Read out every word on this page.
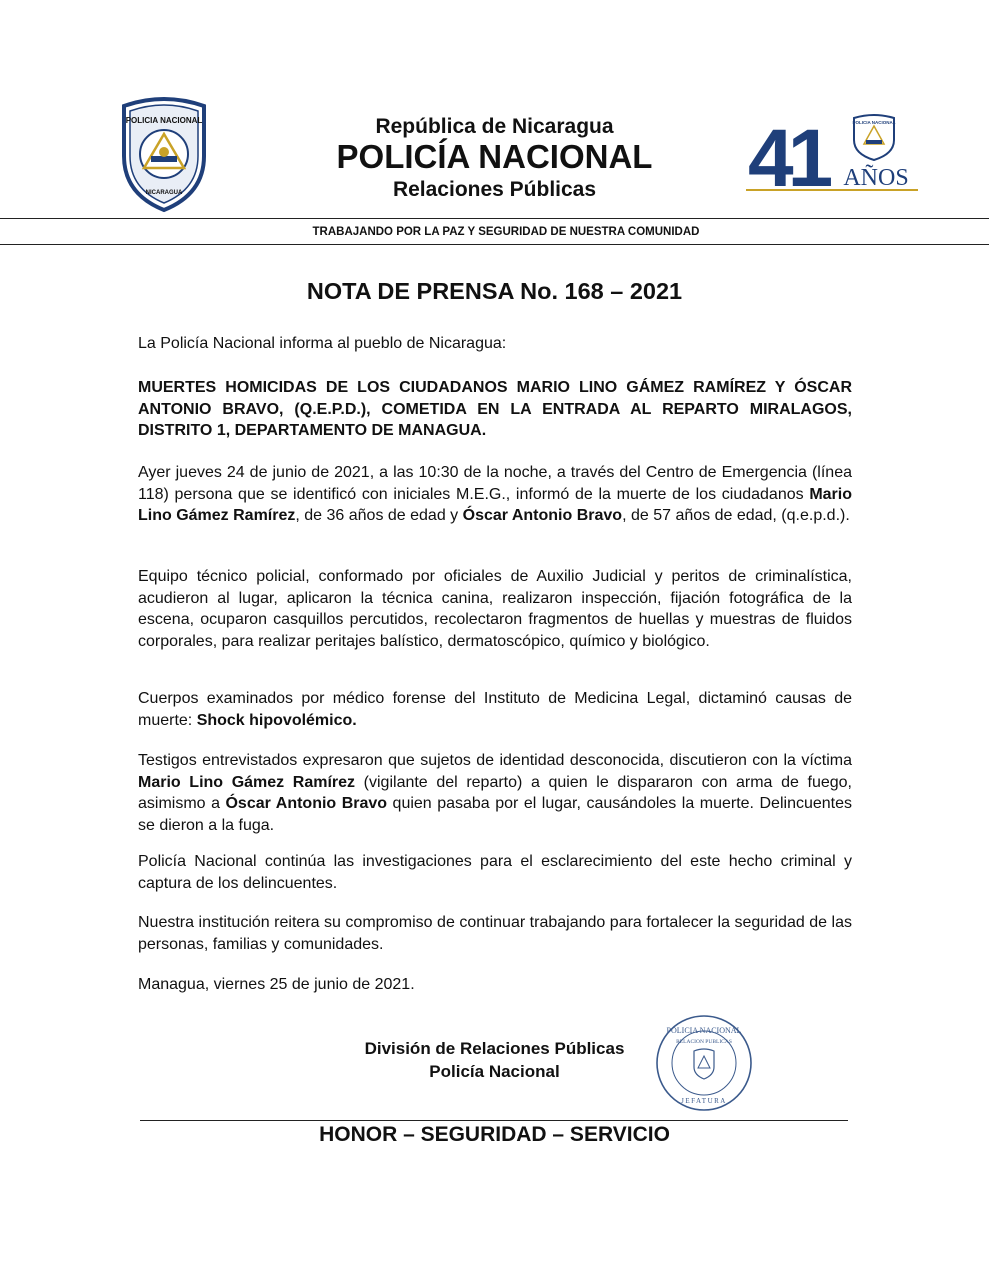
POLICIA NACIONAL
NICARAGUA
República de Nicaragua
POLICÍA NACIONAL
Relaciones Públicas	41	POLICIA NACIONAL
AÑOS
TRABAJANDO POR LA PAZ Y SEGURIDAD DE NUESTRA COMUNIDAD
NOTA DE PRENSA No. 168 – 2021

La Policía Nacional informa al pueblo de Nicaragua:

MUERTES HOMICIDAS DE LOS CIUDADANOS MARIO LINO GÁMEZ RAMÍREZ Y ÓSCAR ANTONIO BRAVO, (Q.E.P.D.), COMETIDA EN LA ENTRADA AL REPARTO MIRALAGOS, DISTRITO 1, DEPARTAMENTO DE MANAGUA.

Ayer jueves 24 de junio de 2021, a las 10:30 de la noche, a través del Centro de Emergencia (línea 118) persona que se identificó con iniciales M.E.G., informó de la muerte de los ciudadanos Mario Lino Gámez Ramírez, de 36 años de edad y Óscar Antonio Bravo, de 57 años de edad, (q.e.p.d.).

Equipo técnico policial, conformado por oficiales de Auxilio Judicial y peritos de criminalística, acudieron al lugar, aplicaron la técnica canina, realizaron inspección, fijación fotográfica de la escena, ocuparon casquillos percutidos, recolectaron fragmentos de huellas y muestras de fluidos corporales, para realizar peritajes balístico, dermatoscópico, químico y biológico.

Cuerpos examinados por médico forense del Instituto de Medicina Legal, dictaminó causas de muerte: Shock hipovolémico.

Testigos entrevistados expresaron que sujetos de identidad desconocida, discutieron con la víctima Mario Lino Gámez Ramírez (vigilante del reparto) a quien le dispararon con arma de fuego, asimismo a Óscar Antonio Bravo quien pasaba por el lugar, causándoles la muerte. Delincuentes se dieron a la fuga.

Policía Nacional continúa las investigaciones para el esclarecimiento del este hecho criminal y captura de los delincuentes.

Nuestra institución reitera su compromiso de continuar trabajando para fortalecer la seguridad de las personas, familias y comunidades.

Managua, viernes 25 de junio de 2021.

División de Relaciones Públicas
Policía Nacional
POLICIA NACIONAL
RELACION PUBLICAS
JEFATURA
HONOR – SEGURIDAD – SERVICIO
